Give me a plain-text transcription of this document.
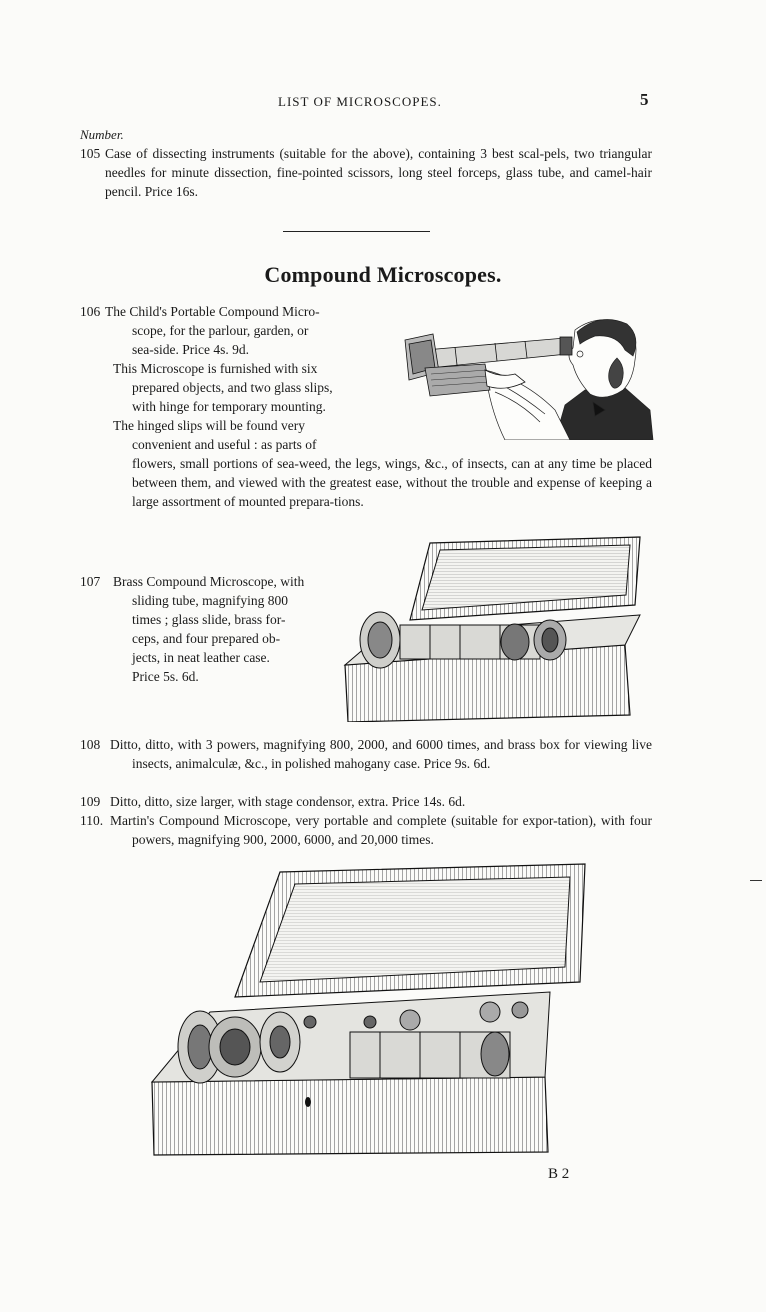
LIST OF MICROSCOPES.	5
Number.
105 Case of dissecting instruments (suitable for the above), containing 3 best scal-pels, two triangular needles for minute dissection, fine-pointed scissors, long steel forceps, glass tube, and camel-hair pencil. Price 16s.
Compound Microscopes.
106 The Child's Portable Compound Micro-
scope, for the parlour, garden, or
sea-side. Price 4s. 9d.
This Microscope is furnished with six
prepared objects, and two glass slips,
with hinge for temporary mounting.
The hinged slips will be found very
convenient and useful : as parts of
flowers, small portions of sea-weed, the legs, wings, &c., of insects, can at any time be placed between them, and viewed with the greatest ease, without the trouble and expense of keeping a large assortment of mounted prepara-tions.
107 Brass Compound Microscope, with
sliding tube, magnifying 800
times ; glass slide, brass for-
ceps, and four prepared ob-
jects, in neat leather case.
Price 5s. 6d.
108 Ditto, ditto, with 3 powers, magnifying 800, 2000, and 6000 times, and brass box for viewing live insects, animalculæ, &c., in polished mahogany case. Price 9s. 6d.
109 Ditto, ditto, size larger, with stage condensor, extra. Price 14s. 6d.
110. Martin's Compound Microscope, very portable and complete (suitable for expor-tation), with four powers, magnifying 900, 2000, 6000, and 20,000 times.
B 2
